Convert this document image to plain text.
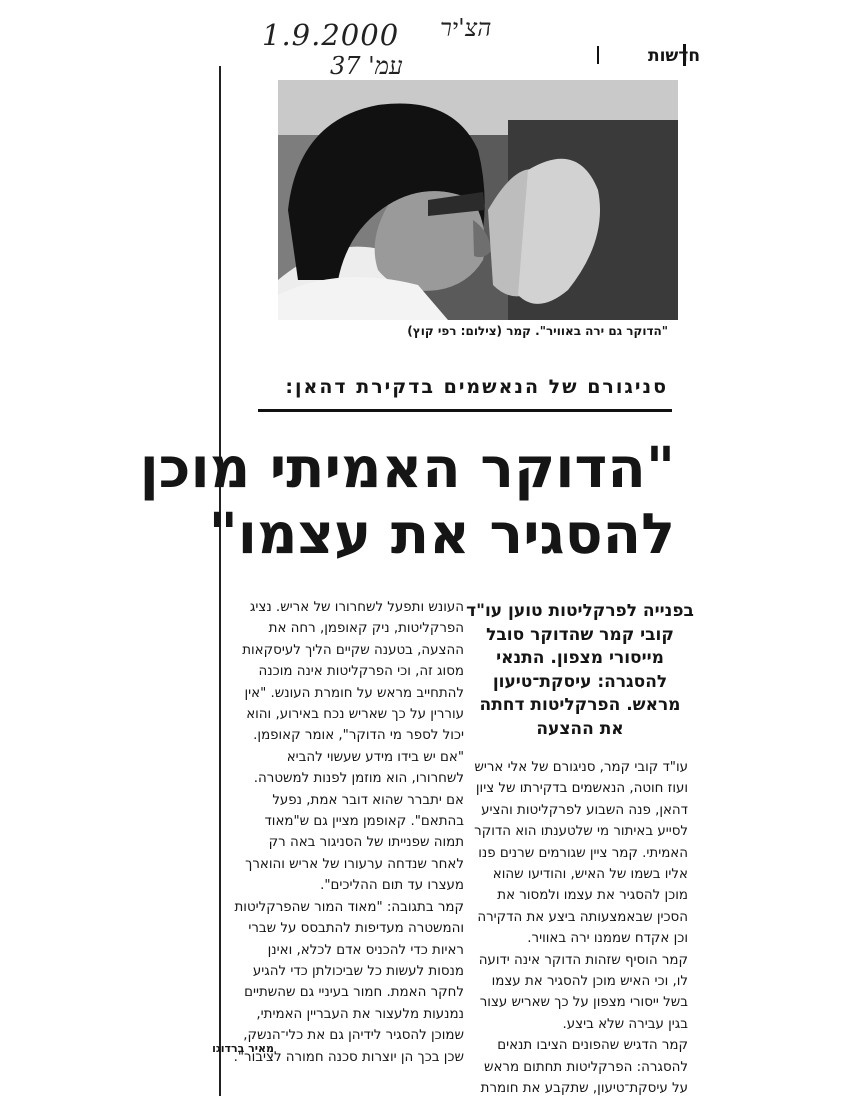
1.9.2000 הצ'יר
עמ' 37	חדשות
"הדוקר גם ירה באוויר". קמר (צילום: רפי קוץ)
סניגורם של הנאשמים בדקירת דהאן:
"הדוקר האמיתי מוכן
להסגיר את עצמו"
בפנייה לפרקליטות טוען עו"ד קובי קמר שהדוקר סובל מייסורי מצפון. התנאי להסגרה: עיסקת־טיעון מראש. הפרקליטות דחתה את ההצעה

עו"ד קובי קמר, סניגורם של אלי אריש ועוז חוטה, הנאשמים בדקירתו של ציון דהאן, פנה השבוע לפרקליטות והציע לסייע באיתור מי שלטענתו הוא הדוקר האמיתי. קמר ציין שגורמים שרנים פנו אליו בשמו של האיש, והודיעו שהוא מוכן להסגיר את עצמו ולמסור את הסכין שבאמצעותה ביצע את הדקירה וכן אקדח שממנו ירה באוויר.

קמר הוסיף שזהות הדוקר אינה ידועה לו, וכי האיש מוכן להסגיר את עצמו בשל ייסורי מצפון על כך שאריש עצור בגין עבירה שלא ביצע.

קמר הדגיש שהפונים הציבו תנאים להסגרה: הפרקליטות תחתום מראש על עיסקת־טיעון, שתקבע את חומרת

העונש ותפעל לשחרורו של אריש. נציג הפרקליטות, ניק קאופמן, רחה את ההצעה, בטענה שקיים הליך לעיסקאות מסוג זה, וכי הפרקליטות אינה מוכנה להתחייב מראש על חומרת העונש. "אין עוררין על כך שאריש נכח באירוע, והוא יכול לספר מי הדוקר", אומר קאופמן. "אם יש בידו מידע שעשוי להביא לשחרורו, הוא מוזמן לפנות למשטרה. אם יתברר שהוא דובר אמת, נפעל בהתאם". קאופמן מציין גם ש"מאוד תמוה שפנייתו של הסניגור באה רק לאחר שנדחה ערעורו של אריש והוארך מעצרו עד תום ההליכים".

קמר בתגובה: "מאוד המור שהפרקליטות והמשטרה מעדיפות להתבסס על שברי ראיות כדי להכניס אדם לכלא, ואינן מנסות לעשות כל שביכולתן כדי להגיע לחקר האמת. חמור בעיניי גם שהשתיים נמנעות מלעצור את העבריין האמיתי, שמוכן להסגיר לידיהן גם את כלי־הנשק, שכן בכך הן יוצרות סכנה חמורה לציבור".

מאיר ברדוגו
